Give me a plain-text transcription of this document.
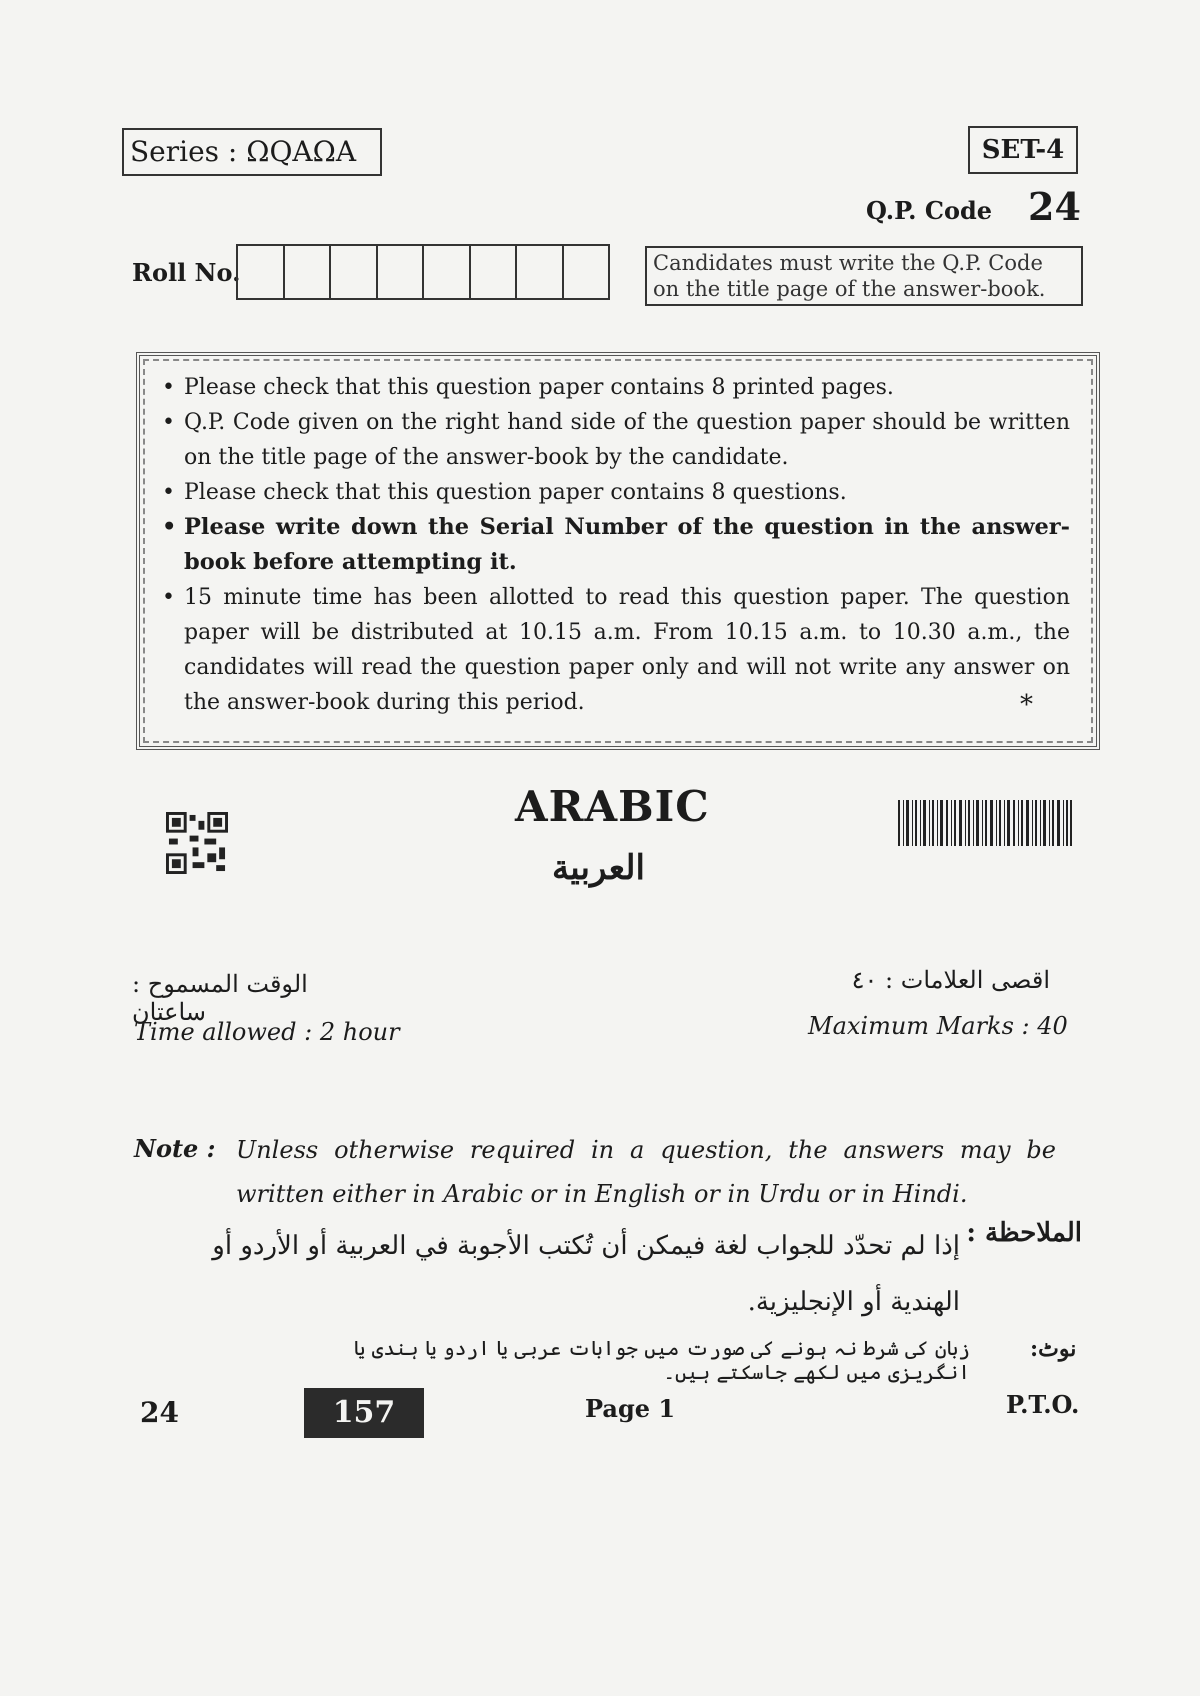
Series : ΩQAΩA	SET-4
Q.P. Code 24
Roll No.	Candidates must write the Q.P. Code on the title page of the answer-book.
• Please check that this question paper contains 8 printed pages.
• Q.P. Code given on the right hand side of the question paper should be written on the title page of the answer-book by the candidate.
• Please check that this question paper contains 8 questions.
• Please write down the Serial Number of the question in the answer-book before attempting it.
• 15 minute time has been allotted to read this question paper. The question paper will be distributed at 10.15 a.m. From 10.15 a.m. to 10.30 a.m., the candidates will read the question paper only and will not write any answer on the answer-book during this period.	*
ARABIC
العربية
الوقت المسموح : ساعتان
Time allowed : 2 hour
اقصى العلامات : ٤٠
Maximum Marks : 40
Note : Unless otherwise required in a question, the answers may be written either in Arabic or in English or in Urdu or in Hindi.
الملاحظة :
إذا لم تحدّد للجواب لغة فيمكن أن تُكتب الأجوبة في العربية أو الأردو أو الهندية أو الإنجليزية.
نوٹ:
زبان کی شرط نہ ہونے کی صورت میں جوابات عربی یا اردو یا ہندی یا انگریزی میں لکھے جاسکتے ہیں۔
24	157	Page 1	P.T.O.
